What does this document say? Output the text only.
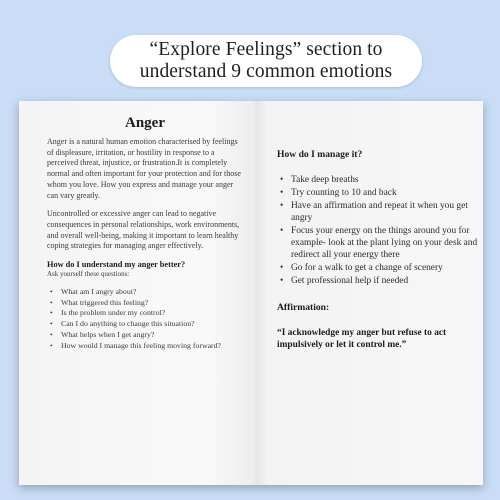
“Explore Feelings” section to
understand 9 common emotions
Anger

Anger is a natural human emotion characterised by feelings of displeasure, irritation, or hostility in response to a perceived threat, injustice, or frustration.It is completely normal and often important for your protection and for those whom you love. How you express and manage your anger can vary greatly.

Uncontrolled or excessive anger can lead to negative consequences in personal relationships, work environments, and overall well-being, making it important to learn healthy coping strategies for managing anger effectively.

How do I understand my anger better?
Ask yourself these questions:
• What am I angry about?
• What triggered this feeling?
• Is the problem under my control?
• Can I do anything to change this situation?
• What helps when I get angry?
• How would I manage this feeling moving forward?
How do I manage it?
• Take deep breaths
• Try counting to 10 and back
• Have an affirmation and repeat it when you get angry
• Focus your energy on the things around you for example- look at the plant lying on your desk and redirect all your energy there
• Go for a walk to get a change of scenery
• Get professional help if needed
Affirmation:
“I acknowledge my anger but refuse to act impulsively or let it control me.”
